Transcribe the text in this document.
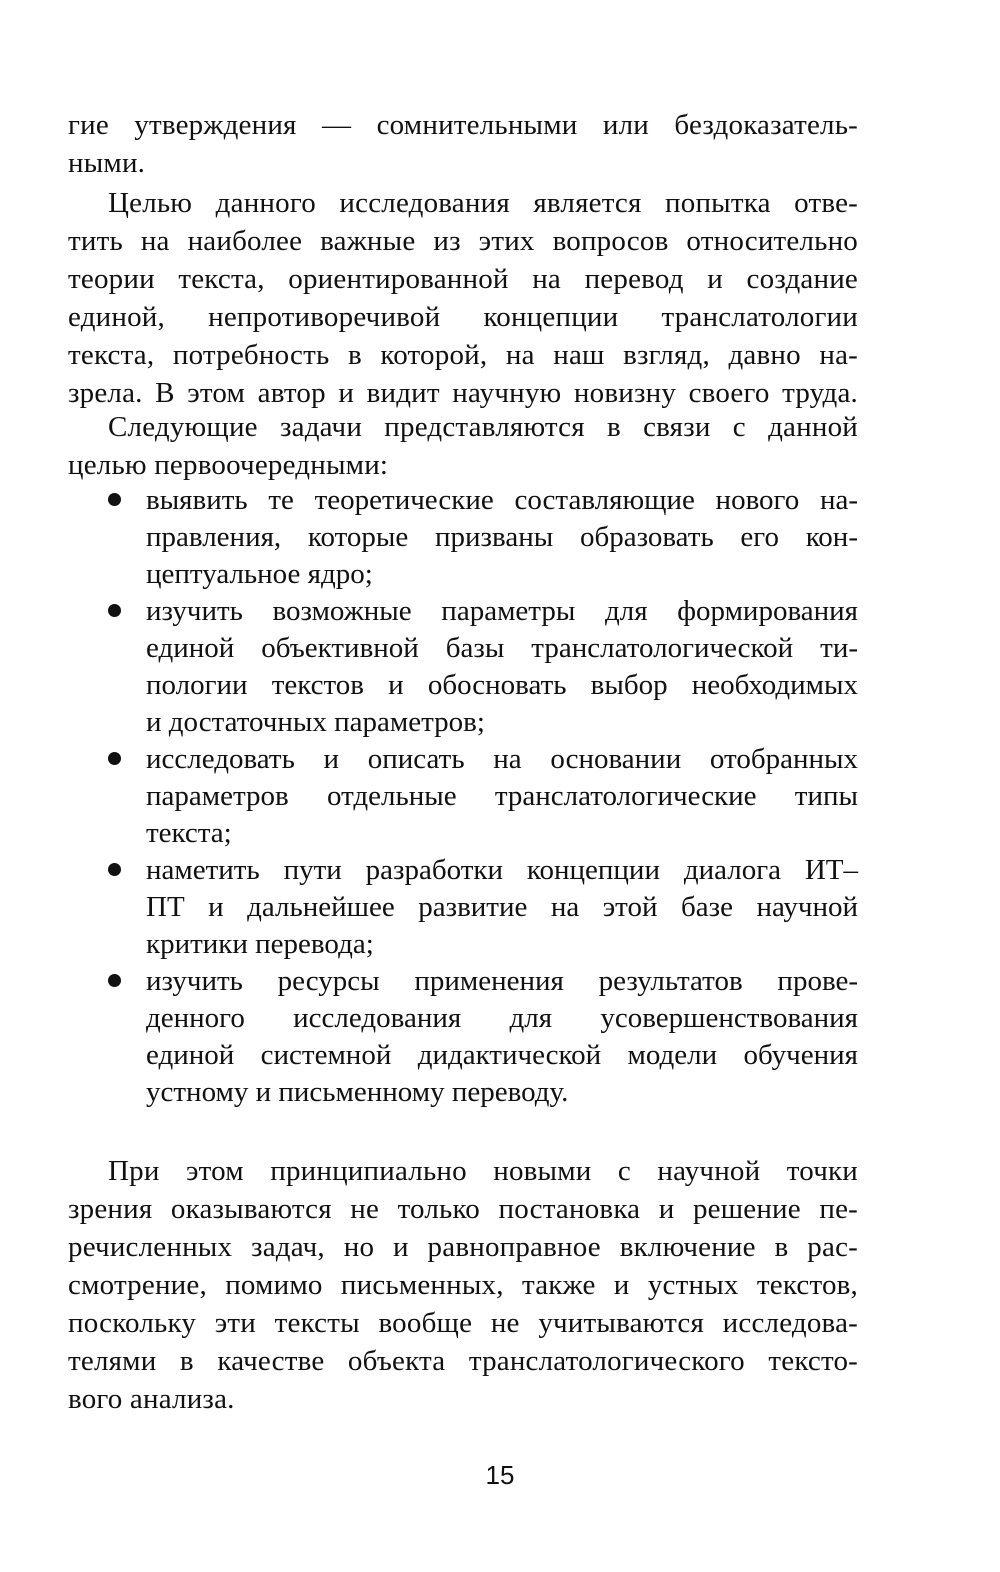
гие утверждения — сомнительными или бездоказатель-
ными.
Целью данного исследования является попытка отве-
тить на наиболее важные из этих вопросов относительно
теории текста, ориентированной на перевод и создание
единой, непротиворечивой концепции транслатологии
текста, потребность в которой, на наш взгляд, давно на-
зрела. В этом автор и видит научную новизну своего труда.
Следующие задачи представляются в связи с данной
целью первоочередными:
выявить те теоретические составляющие нового на-
правления, которые призваны образовать его кон-
цептуальное ядро;
изучить возможные параметры для формирования
единой объективной базы транслатологической ти-
пологии текстов и обосновать выбор необходимых
и достаточных параметров;
исследовать и описать на основании отобранных
параметров отдельные транслатологические типы
текста;
наметить пути разработки концепции диалога ИТ–
ПТ и дальнейшее развитие на этой базе научной
критики перевода;
изучить ресурсы применения результатов прове-
денного исследования для усовершенствования
единой системной дидактической модели обучения
устному и письменному переводу.
При этом принципиально новыми с научной точки
зрения оказываются не только постановка и решение пе-
речисленных задач, но и равноправное включение в рас-
смотрение, помимо письменных, также и устных текстов,
поскольку эти тексты вообще не учитываются исследова-
телями в качестве объекта транслатологического тексто-
вого анализа.
15
